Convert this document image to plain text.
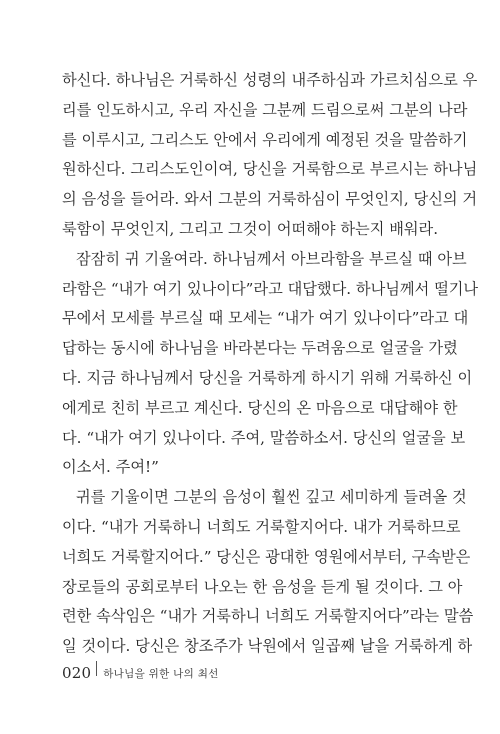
하신다. 하나님은 거룩하신 성령의 내주하심과 가르치심으로 우
리를 인도하시고, 우리 자신을 그분께 드림으로써 그분의 나라
를 이루시고, 그리스도 안에서 우리에게 예정된 것을 말씀하기
원하신다. 그리스도인이여, 당신을 거룩함으로 부르시는 하나님
의 음성을 들어라. 와서 그분의 거룩하심이 무엇인지, 당신의 거
룩함이 무엇인지, 그리고 그것이 어떠해야 하는지 배워라.
잠잠히 귀 기울여라. 하나님께서 아브라함을 부르실 때 아브
라함은 “내가 여기 있나이다”라고 대답했다. 하나님께서 떨기나
무에서 모세를 부르실 때 모세는 “내가 여기 있나이다”라고 대
답하는 동시에 하나님을 바라본다는 두려움으로 얼굴을 가렸
다. 지금 하나님께서 당신을 거룩하게 하시기 위해 거룩하신 이
에게로 친히 부르고 계신다. 당신의 온 마음으로 대답해야 한
다. “내가 여기 있나이다. 주여, 말씀하소서. 당신의 얼굴을 보
이소서. 주여!”
귀를 기울이면 그분의 음성이 훨씬 깊고 세미하게 들려올 것
이다. “내가 거룩하니 너희도 거룩할지어다. 내가 거룩하므로
너희도 거룩할지어다.” 당신은 광대한 영원에서부터, 구속받은
장로들의 공회로부터 나오는 한 음성을 듣게 될 것이다. 그 아
련한 속삭임은 “내가 거룩하니 너희도 거룩할지어다”라는 말씀
일 것이다. 당신은 창조주가 낙원에서 일곱째 날을 거룩하게 하
020 하나님을 위한 나의 최선
